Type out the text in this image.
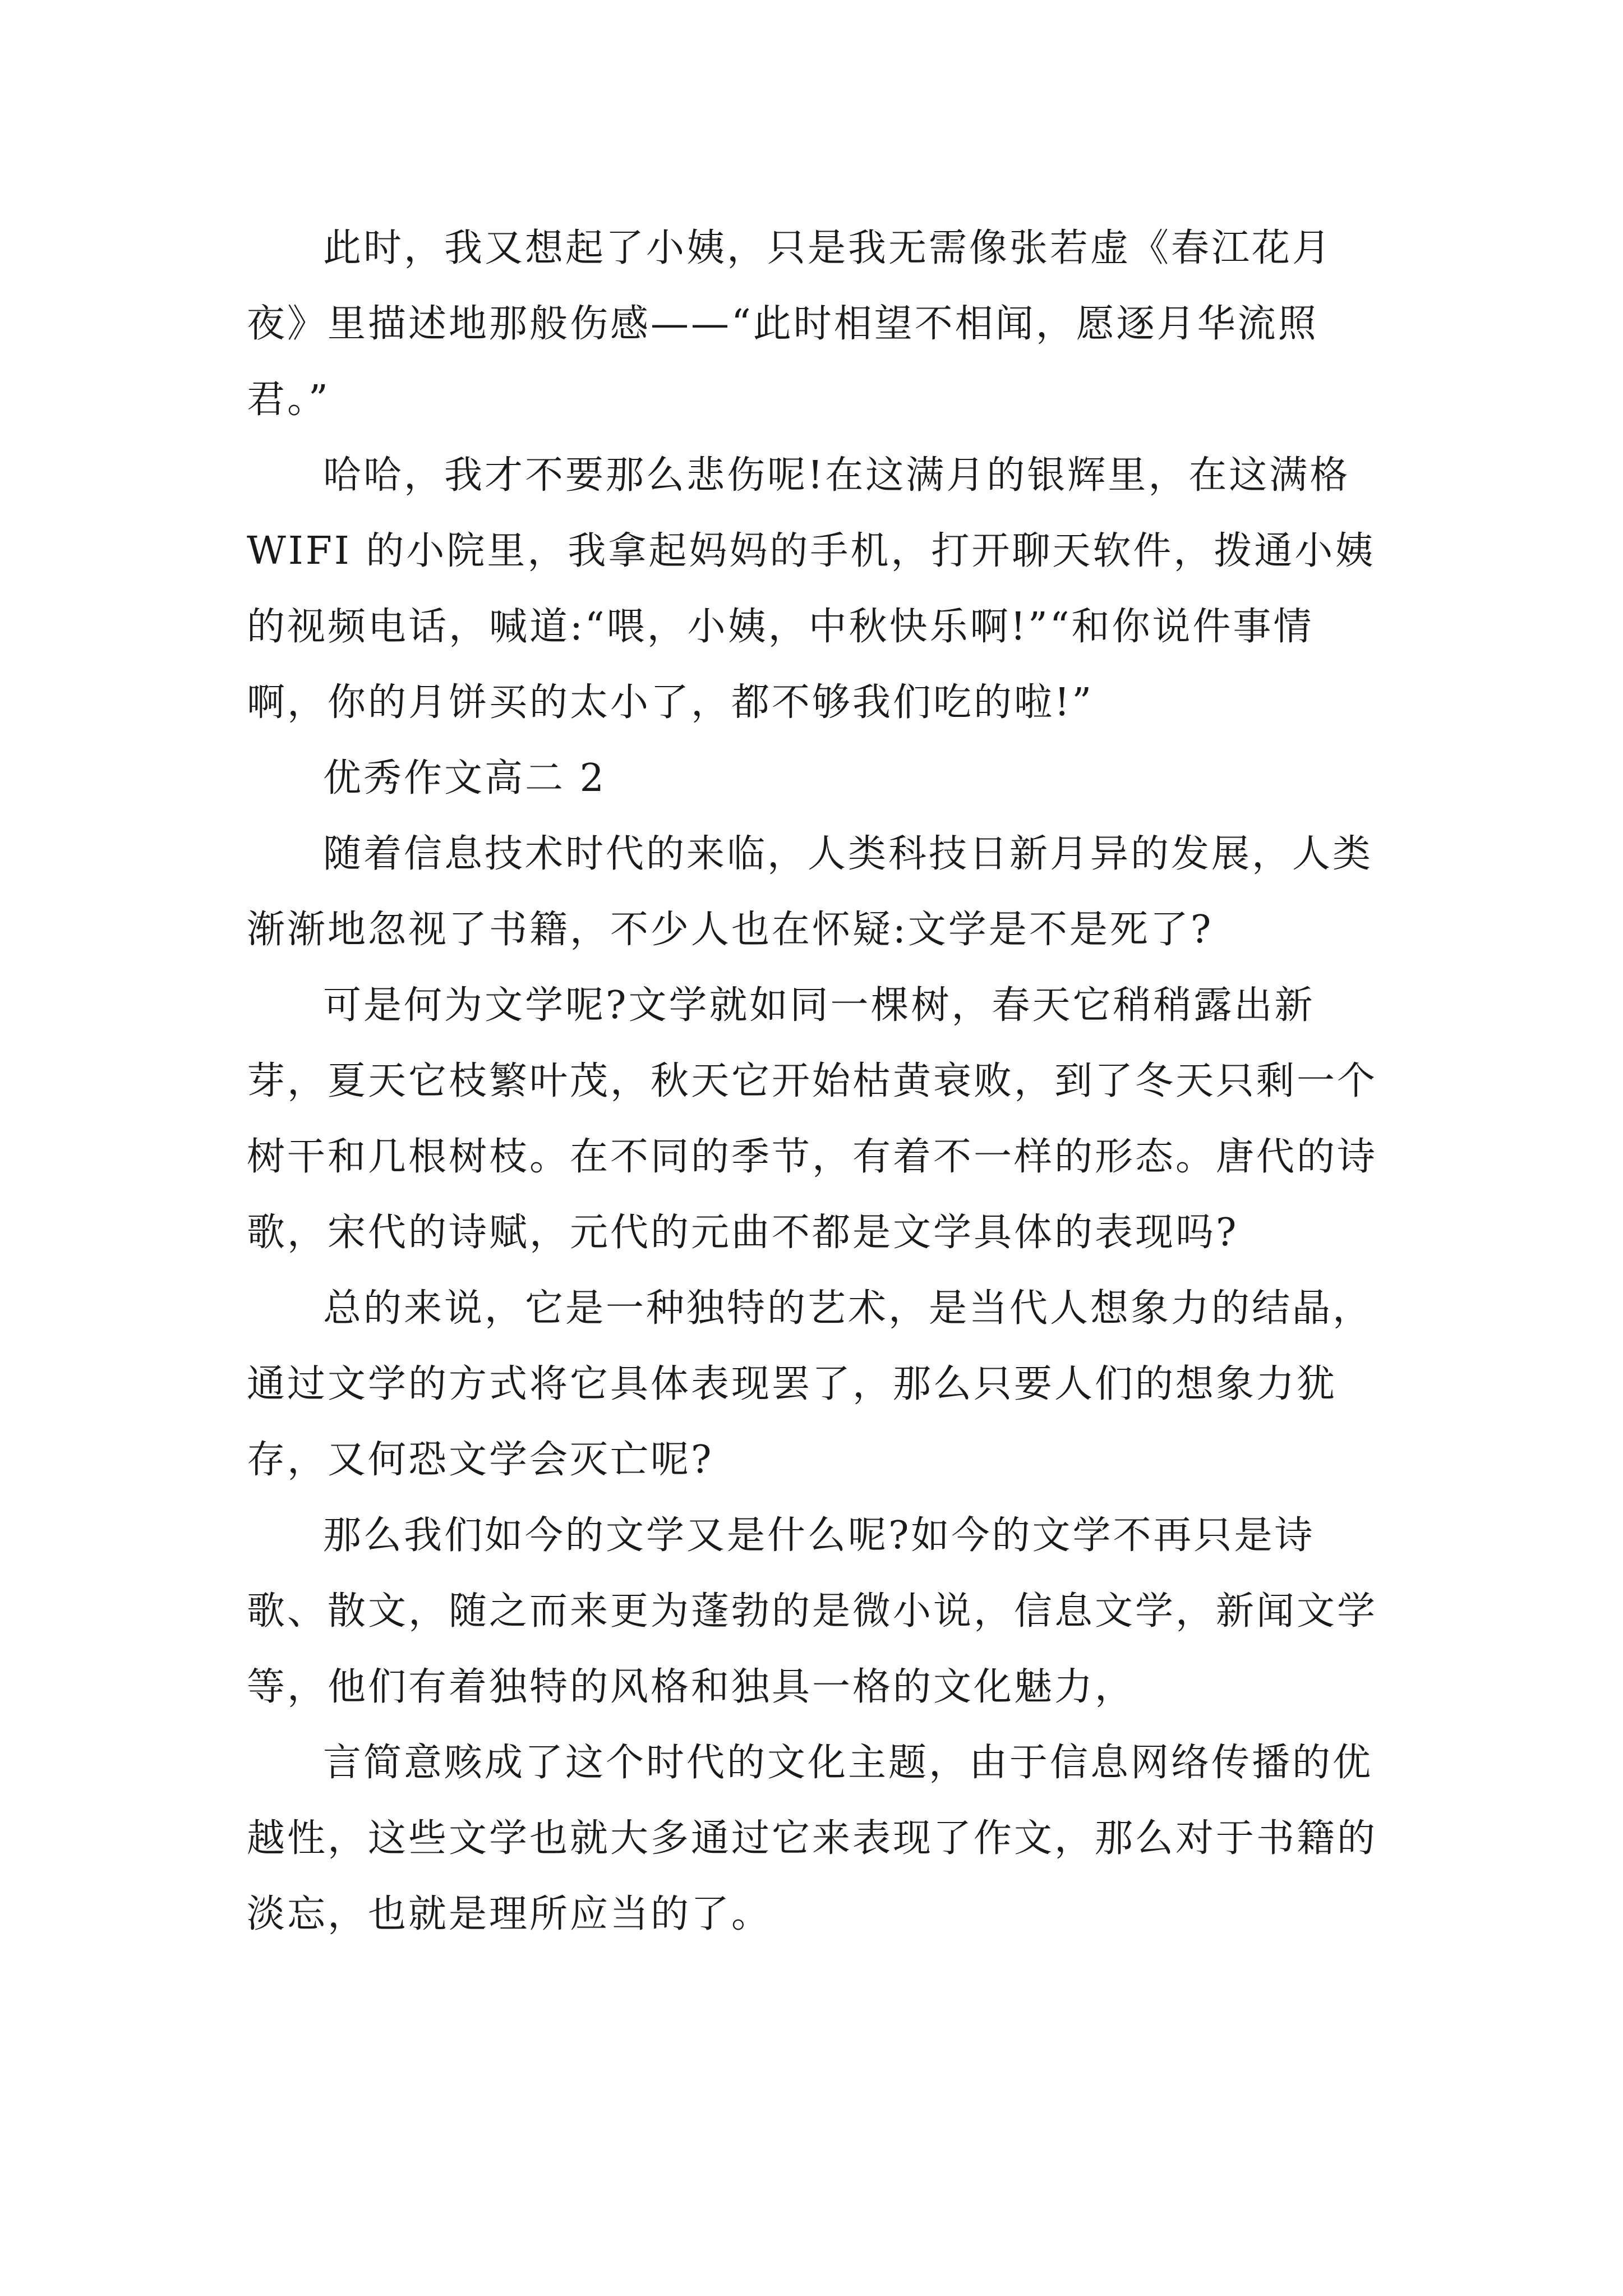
此时，我又想起了小姨，只是我无需像张若虚《春江花月夜》里描述地那般伤感——“此时相望不相闻，愿逐月华流照君。”

哈哈，我才不要那么悲伤呢!在这满月的银辉里，在这满格 WIFI 的小院里，我拿起妈妈的手机，打开聊天软件，拨通小姨的视频电话，喊道:“喂，小姨，中秋快乐啊!”“和你说件事情啊，你的月饼买的太小了，都不够我们吃的啦!”

优秀作文高二 2

随着信息技术时代的来临，人类科技日新月异的发展，人类渐渐地忽视了书籍，不少人也在怀疑:文学是不是死了?

可是何为文学呢?文学就如同一棵树，春天它稍稍露出新芽，夏天它枝繁叶茂，秋天它开始枯黄衰败，到了冬天只剩一个树干和几根树枝。在不同的季节，有着不一样的形态。唐代的诗歌，宋代的诗赋，元代的元曲不都是文学具体的表现吗?

总的来说，它是一种独特的艺术，是当代人想象力的结晶，通过文学的方式将它具体表现罢了，那么只要人们的想象力犹存，又何恐文学会灭亡呢?

那么我们如今的文学又是什么呢?如今的文学不再只是诗歌、散文，随之而来更为蓬勃的是微小说，信息文学，新闻文学等，他们有着独特的风格和独具一格的文化魅力，

言简意赅成了这个时代的文化主题，由于信息网络传播的优越性，这些文学也就大多通过它来表现了作文，那么对于书籍的淡忘，也就是理所应当的了。
